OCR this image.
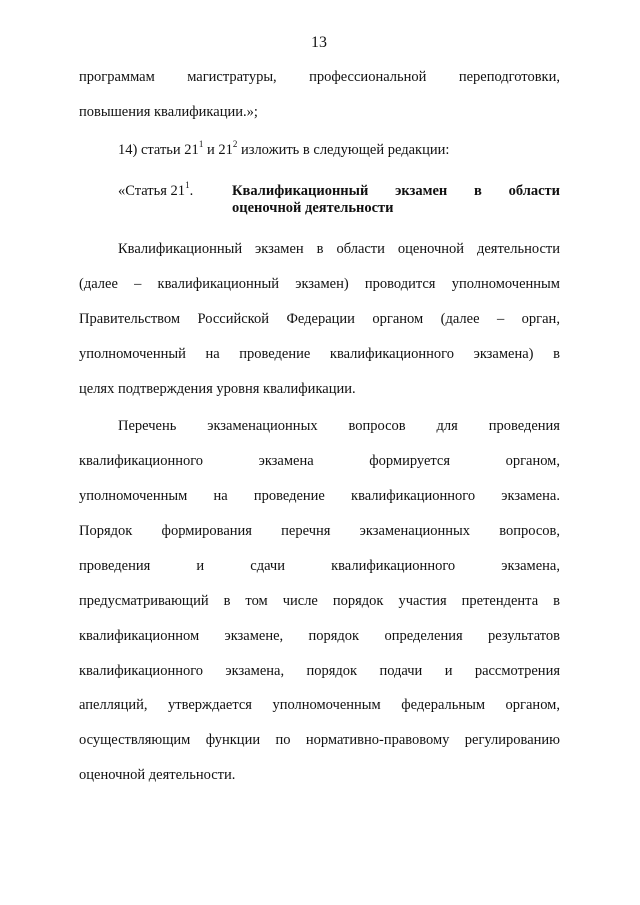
13
программам магистратуры, профессиональной переподготовки,
повышения квалификации.»;
14) статьи $21^1$ и $21^2$ изложить в следующей редакции:
«Статья $21^1$.	Квалификационный экзамен в области
оценочной деятельности
Квалификационный экзамен в области оценочной деятельности
(далее – квалификационный экзамен) проводится уполномоченным
Правительством Российской Федерации органом (далее – орган,
уполномоченный на проведение квалификационного экзамена) в
целях подтверждения уровня квалификации.
Перечень экзаменационных вопросов для проведения
квалификационного	экзамена	формируется	органом,
уполномоченным на проведение квалификационного экзамена.
Порядок формирования перечня экзаменационных вопросов,
проведения	и	сдачи	квалификационного	экзамена,
предусматривающий в том числе порядок участия претендента в
квалификационном экзамене, порядок определения результатов
квалификационного экзамена, порядок подачи и рассмотрения
апелляций, утверждается уполномоченным федеральным органом,
осуществляющим функции по нормативно-правовому регулированию
оценочной деятельности.
